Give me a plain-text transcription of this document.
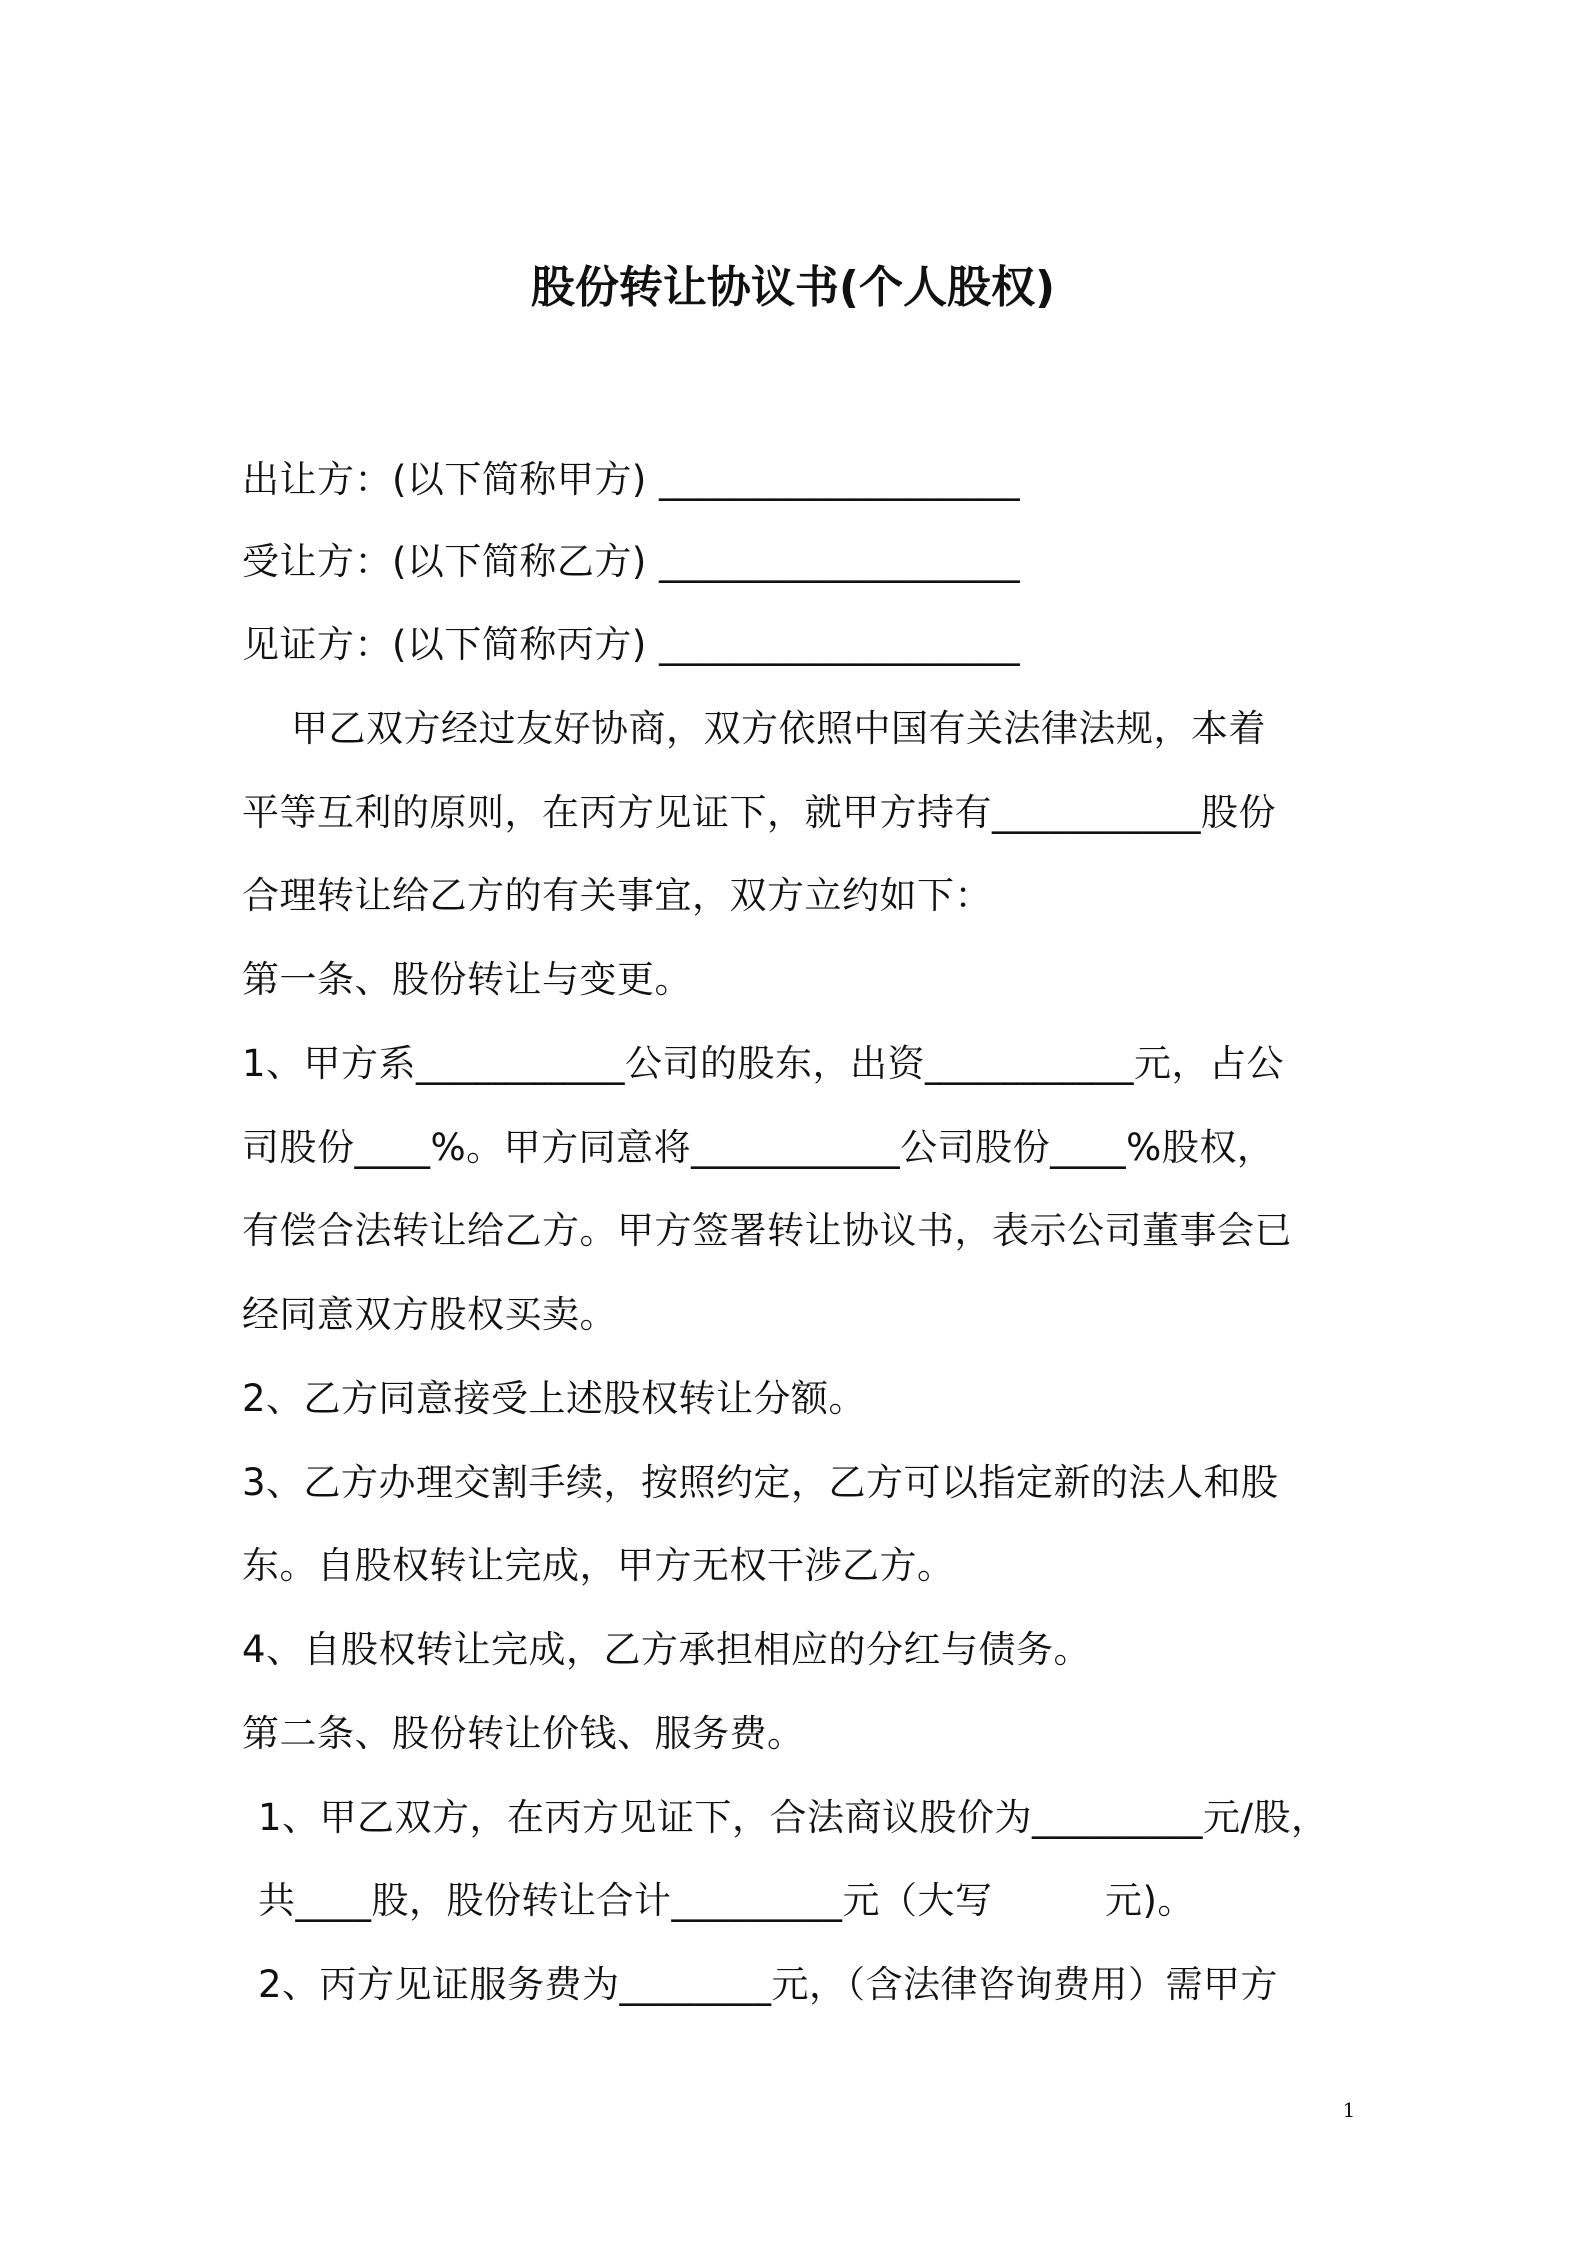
股份转让协议书(个人股权)
出让方：(以下简称甲方) ___________________
受让方：(以下简称乙方) ___________________
见证方：(以下简称丙方) ___________________
甲乙双方经过友好协商，双方依照中国有关法律法规，本着
平等互利的原则，在丙方见证下，就甲方持有___________股份
合理转让给乙方的有关事宜，双方立约如下：
第一条、股份转让与变更。
1、甲方系___________公司的股东，出资___________元，占公
司股份____%。甲方同意将___________公司股份____%股权，
有偿合法转让给乙方。甲方签署转让协议书，表示公司董事会已
经同意双方股权买卖。
2、乙方同意接受上述股权转让分额。
3、乙方办理交割手续，按照约定，乙方可以指定新的法人和股
东。自股权转让完成，甲方无权干涉乙方。
4、自股权转让完成，乙方承担相应的分红与债务。
第二条、股份转让价钱、服务费。
1、甲乙双方，在丙方见证下，合法商议股价为_________元/股，
共____股，股份转让合计_________元（大写　　　元)。
2、丙方见证服务费为________元，（含法律咨询费用）需甲方
1
